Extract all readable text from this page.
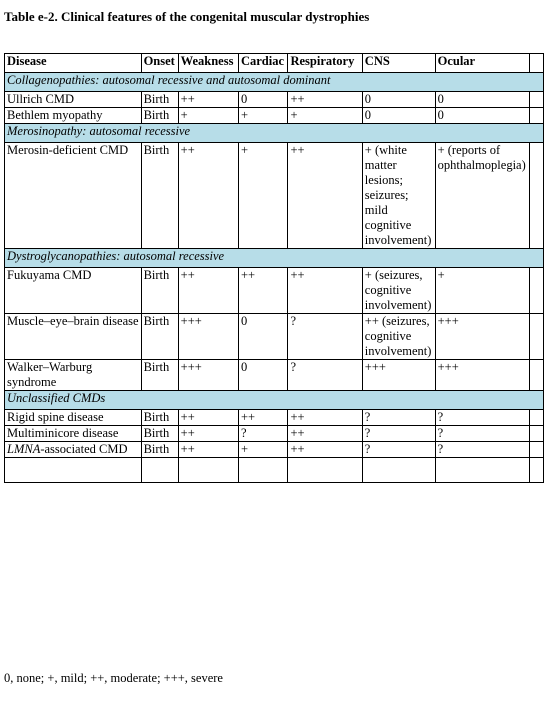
Table e-2. Clinical features of the congenital muscular dystrophies
Disease	Onset	Weakness	Cardiac	Respiratory	CNS	Ocular	
Collagenopathies: autosomal recessive and autosomal dominant							
Ullrich CMD	Birth	++	0	++	0	0	
Bethlem myopathy	Birth	+	+	+	0	0	
Merosinopathy: autosomal recessive							
Merosin-deficient CMD	Birth	++	+	++	+ (white matter lesions; seizures; mild cognitive involvement)	+ (reports of ophthalmoplegia)	
Dystroglycanopathies: autosomal recessive							
Fukuyama CMD	Birth	++	++	++	+ (seizures, cognitive involvement)	+	
Muscle–eye–brain disease	Birth	+++	0	?	++ (seizures, cognitive involvement)	+++	
Walker–Warburg syndrome	Birth	+++	0	?	+++	+++	
Unclassified CMDs							
Rigid spine disease	Birth	++	++	++	?	?	
Multiminicore disease	Birth	++	?	++	?	?	
LMNA-associated CMD	Birth	++	+	++	?	?	

0, none; +, mild; ++, moderate; +++, severe
